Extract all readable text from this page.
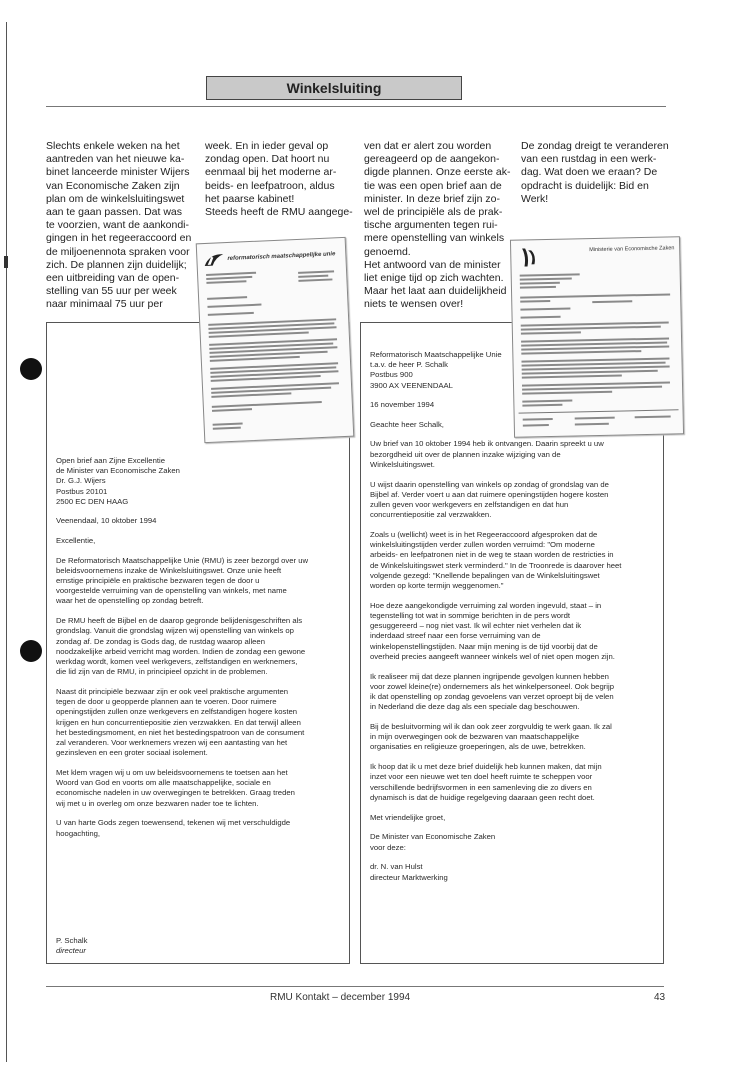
Winkelsluiting

Slechts enkele weken na het

aantreden van het nieuwe ka-

binet lanceerde minister Wijers

van Economische Zaken zijn

plan om de winkelsluitingswet

aan te gaan passen. Dat was

te voorzien, want de aankondi-

gingen in het regeeraccoord en

de miljoenennota spraken voor

zich. De plannen zijn duidelijk;

een uitbreiding van de open-

stelling van 55 uur per week

naar minimaal 75 uur per

week. En in ieder geval op

zondag open. Dat hoort nu

eenmaal bij het moderne ar-

beids- en leefpatroon, aldus

het paarse kabinet!

Steeds heeft de RMU aangege-

ven dat er alert zou worden

gereageerd op de aangekon-

digde plannen. Onze eerste ak-

tie was een open brief aan de

minister. In deze brief zijn zo-

wel de principiële als de prak-

tische argumenten tegen rui-

mere openstelling van winkels

genoemd.

Het antwoord van de minister

liet enige tijd op zich wachten.

Maar het laat aan duidelijkheid

niets te wensen over!

De zondag dreigt te veranderen

van een rustdag in een werk-

dag. Wat doen we eraan? De

opdracht is duidelijk: Bid en

Werk!

reformatorisch maatschappelijke unie
Ministerie van Economische Zaken

Open brief aan Zijne Excellentie

de Minister van Economische Zaken

Dr. G.J. Wijers

Postbus 20101

2500 EC DEN HAAG

Veenendaal, 10 oktober 1994

Excellentie,

De Reformatorisch Maatschappelijke Unie (RMU) is zeer bezorgd over uw
beleidsvoornemens inzake de Winkelsluitingswet. Onze unie heeft
ernstige principiële en praktische bezwaren tegen de door u
voorgestelde verruiming van de openstelling van winkels, met name
waar het de openstelling op zondag betreft.

De RMU heeft de Bijbel en de daarop gegronde belijdenisgeschriften als
grondslag. Vanuit die grondslag wijzen wij openstelling van winkels op
zondag af. De zondag is Gods dag, de rustdag waarop alleen
noodzakelijke arbeid verricht mag worden. Indien de zondag een gewone
werkdag wordt, komen veel werkgevers, zelfstandigen en werknemers,
die lid zijn van de RMU, in principieel opzicht in de problemen.

Naast dit principiële bezwaar zijn er ook veel praktische argumenten
tegen de door u geopperde plannen aan te voeren. Door ruimere
openingstijden zullen onze werkgevers en zelfstandigen hogere kosten
krijgen en hun concurrentiepositie zien verzwakken. En dat terwijl alleen
het bestedingsmoment, en niet het bestedingspatroon van de consument
zal veranderen. Voor werknemers vrezen wij een aantasting van het
gezinsleven en een groter sociaal isolement.

Met klem vragen wij u om uw beleidsvoornemens te toetsen aan het
Woord van God en voorts om alle maatschappelijke, sociale en
economische nadelen in uw overwegingen te betrekken. Graag treden
wij met u in overleg om onze bezwaren nader toe te lichten.

U van harte Gods zegen toewensend, tekenen wij met verschuldigde
hoogachting,

P. Schalk
directeur

Reformatorisch Maatschappelijke Unie

t.a.v. de heer P. Schalk

Postbus 900

3900 AX VEENENDAAL

16 november 1994

Geachte heer Schalk,

Uw brief van 10 oktober 1994 heb ik ontvangen. Daarin spreekt u uw
bezorgdheid uit over de plannen inzake wijziging van de
Winkelsluitingswet.

U wijst daarin openstelling van winkels op zondag of grondslag van de
Bijbel af. Verder voert u aan dat ruimere openingstijden hogere kosten
zullen geven voor werkgevers en zelfstandigen en dat hun
concurrentiepositie zal verzwakken.

Zoals u (wellicht) weet is in het Regeeraccoord afgesproken dat de
winkelsluitingstijden verder zullen worden verruimd: "Om moderne
arbeids- en leefpatronen niet in de weg te staan worden de restricties in
de Winkelsluitingswet sterk verminderd." In de Troonrede is daarover heet
volgende gezegd: "Knellende bepalingen van de Winkelsluitingswet
worden op korte termijn weggenomen."

Hoe deze aangekondigde verruiming zal worden ingevuld, staat – in
tegenstelling tot wat in sommige berichten in de pers wordt
gesuggereerd – nog niet vast. Ik wil echter niet verhelen dat ik
inderdaad streef naar een forse verruiming van de
winkelopenstellingstijden. Naar mijn mening is de tijd voorbij dat de
overheid precies aangeeft wanneer winkels wel of niet open mogen zijn.

Ik realiseer mij dat deze plannen ingrijpende gevolgen kunnen hebben
voor zowel kleine(re) ondernemers als het winkelpersoneel. Ook begrijp
ik dat openstelling op zondag gevoelens van verzet oproept bij de velen
in Nederland die deze dag als een speciale dag beschouwen.

Bij de besluitvorming wil ik dan ook zeer zorgvuldig te werk gaan. Ik zal
in mijn overwegingen ook de bezwaren van maatschappelijke
organisaties en religieuze groeperingen, als de uwe, betrekken.

Ik hoop dat ik u met deze brief duidelijk heb kunnen maken, dat mijn
inzet voor een nieuwe wet ten doel heeft ruimte te scheppen voor
verschillende bedrijfsvormen in een samenleving die zo divers en
dynamisch is dat de huidige regelgeving daaraan geen recht doet.

Met vriendelijke groet,

De Minister van Economische Zaken
voor deze:

dr. N. van Hulst

directeur Marktwerking

RMU Kontakt – december 1994	43
